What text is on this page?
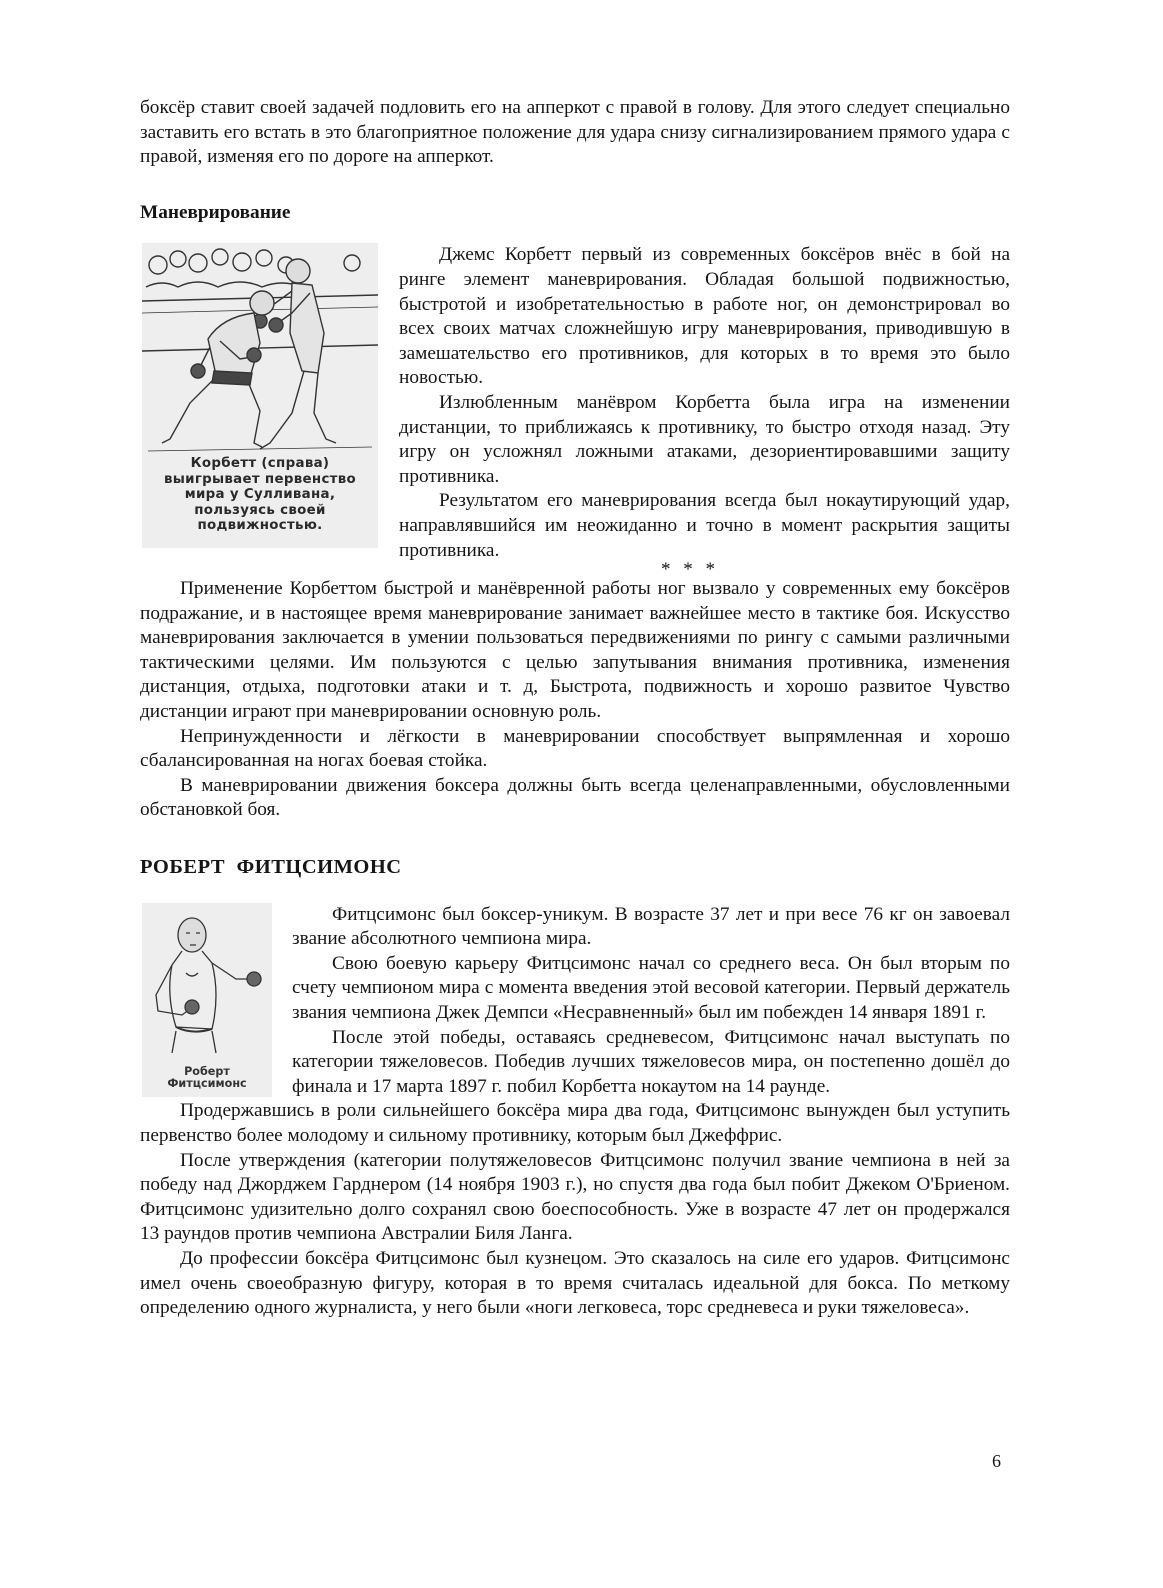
боксёр ставит своей задачей подловить его на апперкот с правой в голову. Для этого следует специально заставить его встать в это благоприятное положение для удара снизу сигнализированием прямого удара с правой, изменяя его по дороге на апперкот.

Маневрирование
Корбетт (справа) выигрывает первенство мира у Сулливана, пользуясь своей подвижностью.

Джемс Корбетт первый из современных боксёров внёс в бой на ринге элемент маневрирования. Обладая большой подвижностью, быстротой и изобретательностью в работе ног, он демонстрировал во всех своих матчах сложнейшую игру маневрирования, приводившую в замешательство его противников, для которых в то время это было новостью.

Излюбленным манёвром Корбетта была игра на изменении дистанции, то приближаясь к противнику, то быстро отходя назад. Эту игру он усложнял ложными атаками, дезориентировавшими защиту противника.

Результатом его маневрирования всегда был нокаутирующий удар, направлявшийся им неожиданно и точно в момент раскрытия защиты противника.

* * *

Применение Корбеттом быстрой и манёвренной работы ног вызвало у современных ему боксёров подражание, и в настоящее время маневрирование занимает важнейшее место в тактике боя. Искусство маневрирования заключается в умении пользоваться передвижениями по рингу с самыми различными тактическими целями. Им пользуются с целью запутывания внимания противника, изменения дистанция, отдыха, подготовки атаки и т. д, Быстрота, подвижность и хорошо развитое Чувство дистанции играют при маневрировании основную роль.

Непринужденности и лёгкости в маневрировании способствует выпрямленная и хорошо сбалансированная на ногах боевая стойка.

В маневрировании движения боксера должны быть всегда целенаправленными, обусловленными обстановкой боя.

РОБЕРТ ФИТЦСИМОНС
Роберт
Фитцсимонс

Фитцсимонс был боксер-уникум. В возрасте 37 лет и при весе 76 кг он завоевал звание абсолютного чемпиона мира.

Свою боевую карьеру Фитцсимонс начал со среднего веса. Он был вторым по счету чемпионом мира с момента введения этой весовой категории. Первый держатель звания чемпиона Джек Демпси «Несравненный» был им побежден 14 января 1891 г.

После этой победы, оставаясь средневесом, Фитцсимонс начал выступать по категории тяжеловесов. Победив лучших тяжеловесов мира, он постепенно дошёл до финала и 17 марта 1897 г. побил Корбетта нокаутом на 14 раунде.

Продержавшись в роли сильнейшего боксёра мира два года, Фитцсимонс вынужден был уступить первенство более молодому и сильному противнику, которым был Джеффрис.

После утверждения (категории полутяжеловесов Фитцсимонс получил звание чемпиона в ней за победу над Джорджем Гарднером (14 ноября 1903 г.), но спустя два года был побит Джеком О'Бриеном. Фитцсимонс удизительно долго сохранял свою боеспособность. Уже в возрасте 47 лет он продержался 13 раундов против чемпиона Австралии Биля Ланга.

До профессии боксёра Фитцсимонс был кузнецом. Это сказалось на силе его ударов. Фитцсимонс имел очень своеобразную фигуру, которая в то время считалась идеальной для бокса. По меткому определению одного журналиста, у него были «ноги легковеса, торс средневеса и руки тяжеловеса».

6
